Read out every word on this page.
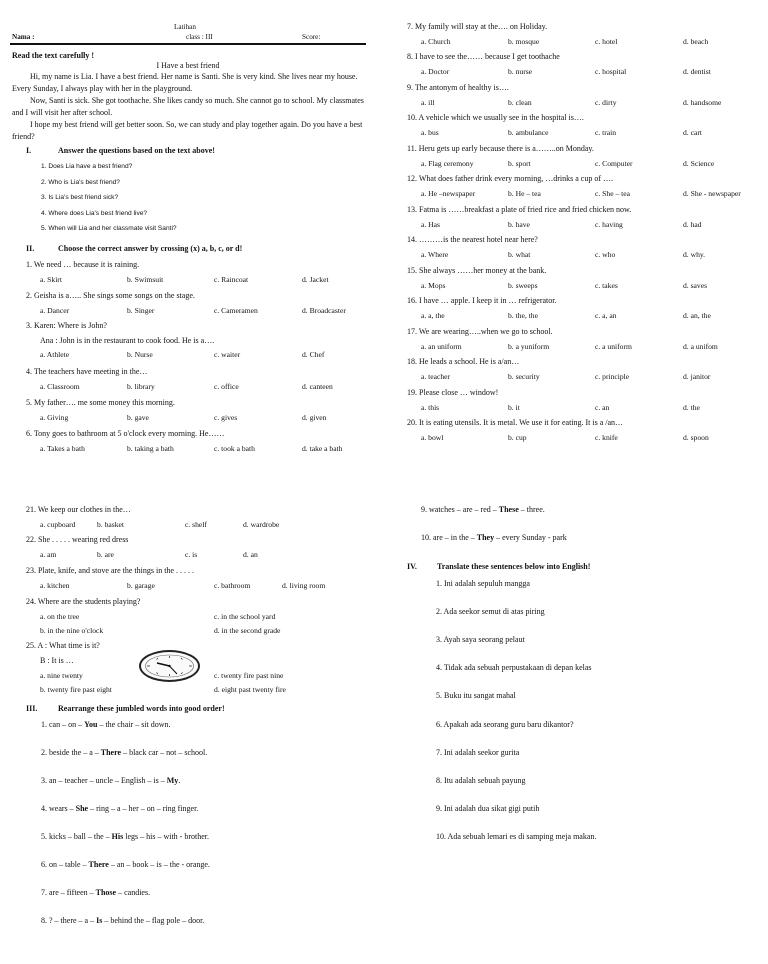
Latihan
Nama :	class : III	Score:
Read the text carefully !
I Have a best friend
Hi, my name is Lia. I have a best friend. Her name is Santi. She is very kind. She lives near my house. Every Sunday, I always play with her in the playground.
Now, Santi is sick. She got toothache. She likes candy so much. She cannot go to school. My classmates and I will visit her after school.
I hope my best friend will get better soon. So, we can study and play together again. Do you have a best friend?
I.	Answer the questions based on the text above!
II.	Choose the correct answer by crossing (x) a, b, c, or d!
III.	Rearrange these jumbled words into good order!
IV.	Translate these sentences below into English!
1. Does Lia have a best friend?
2. Who is Lia's best friend?
3. Is Lia's best friend sick?
4. Where does Lia's best friend live?
5. When will Lia and her classmate visit Santi?
1. We need … because it is raining.
a. Skirt	b. Swimsuit	c. Raincoat	d. Jacket
2. Geisha is a….. She sings some songs on the stage.
a. Dancer	b. Singer	c. Cameramen	d. Broadcaster
3. Karen: Where is John?
Ana : John is in the restaurant to cook food. He is a….
a. Athlete	b. Nurse	c. waiter	d. Chef
4. The teachers have meeting in the…
a. Classroom	b. library	c. office	d. canteen
5. My father…. me some money this morning.
a. Giving	b. gave	c. gives	d. given
6. Tony goes to bathroom at 5 o'clock every morning. He……
a. Takes a bath	b. taking a bath	c. took a bath	d. take a bath
7. My family will stay at the…. on Holiday.
a. Church	b. mosque	c. hotel	d. beach
8. I have to see the…… because I get toothache
a. Doctor	b. nurse	c. hospital	d. dentist
9. The antonym of healthy is….
a. ill	b. clean	c. dirty	d. handsome
10. A vehicle which we usually see in the hospital is….
a. bus	b. ambulance	c. train	d. cart
11. Heru gets up early because there is a……..on Monday.
a. Flag ceremony	b. sport	c. Computer	d. Science
12. What does father drink every morning, …drinks a cup of ….
a. He –newspaper	b. He – tea	c. She – tea	d. She - newspaper
13. Fatma is ……breakfast a plate of fried rice and fried chicken now.
a. Has	b. have	c. having	d. had
14. ………is the nearest hotel near here?
a. Where	b. what	c. who	d. why.
15. She always ……her money at the bank.
a. Mops	b. sweeps	c. takes	d. saves
16. I have … apple. I keep it in … refrigerator.
a. a, the	b. the, the	c. a, an	d. an, the
17. We are wearing…..when we go to school.
a. an uniform	b. a yuniform	c. a uniform	d. a unifom
18. He leads a school. He is a/an…
a. teacher	b. security	c. principle	d. janitor
19. Please close … window!
a. this	b. it	c. an	d. the
20. It is eating utensils. It is metal. We use it for eating. It is a /an…
a. bowl	b. cup	c. knife	d. spoon
21. We keep our clothes in the…
a. cupboard	b. basket	c. shelf	d. wardrobe
22. She . . . . . wearing red dress
a. am	b. are	c. is	d. an
23. Plate, knife, and stove are the things in the . . . . .
a. kitchen	b. garage	c. bathroom	d. living room
24. Where are the students playing?
a. on the tree	c. in the school yard
b. in the nine o'clock	d. in the second grade
25. A : What time is it?
B : It is …
a. nine twenty	c. twenty fire past nine
b. twenty fire past eight	d. eight past twenty fire
1. can – on – You – the chair – sit down.
2. beside the – a – There – black car – not – school.
3. an – teacher – uncle – English – is – My.
4. wears – She – ring – a – her – on – ring finger.
5. kicks – ball – the – His legs – his – with - brother.
6. on – table – There – an – book – is – the - orange.
7. are – fifteen – Those – candies.
8. ? – there – a – Is – behind the – flag pole – door.
9. watches – are – red – These – three.
10. are – in the – They – every Sunday - park
1. Ini adalah sepuluh mangga
2. Ada seekor semut di atas piring
3. Ayah saya seorang pelaut
4. Tidak ada sebuah perpustakaan di depan kelas
5. Buku itu sangat mahal
6. Apakah ada seorang guru baru dikantor?
7. Ini adalah seekor gurita
8. Itu adalah sebuah payung
9. Ini adalah dua sikat gigi putih
10. Ada sebuah lemari es di samping meja makan.
